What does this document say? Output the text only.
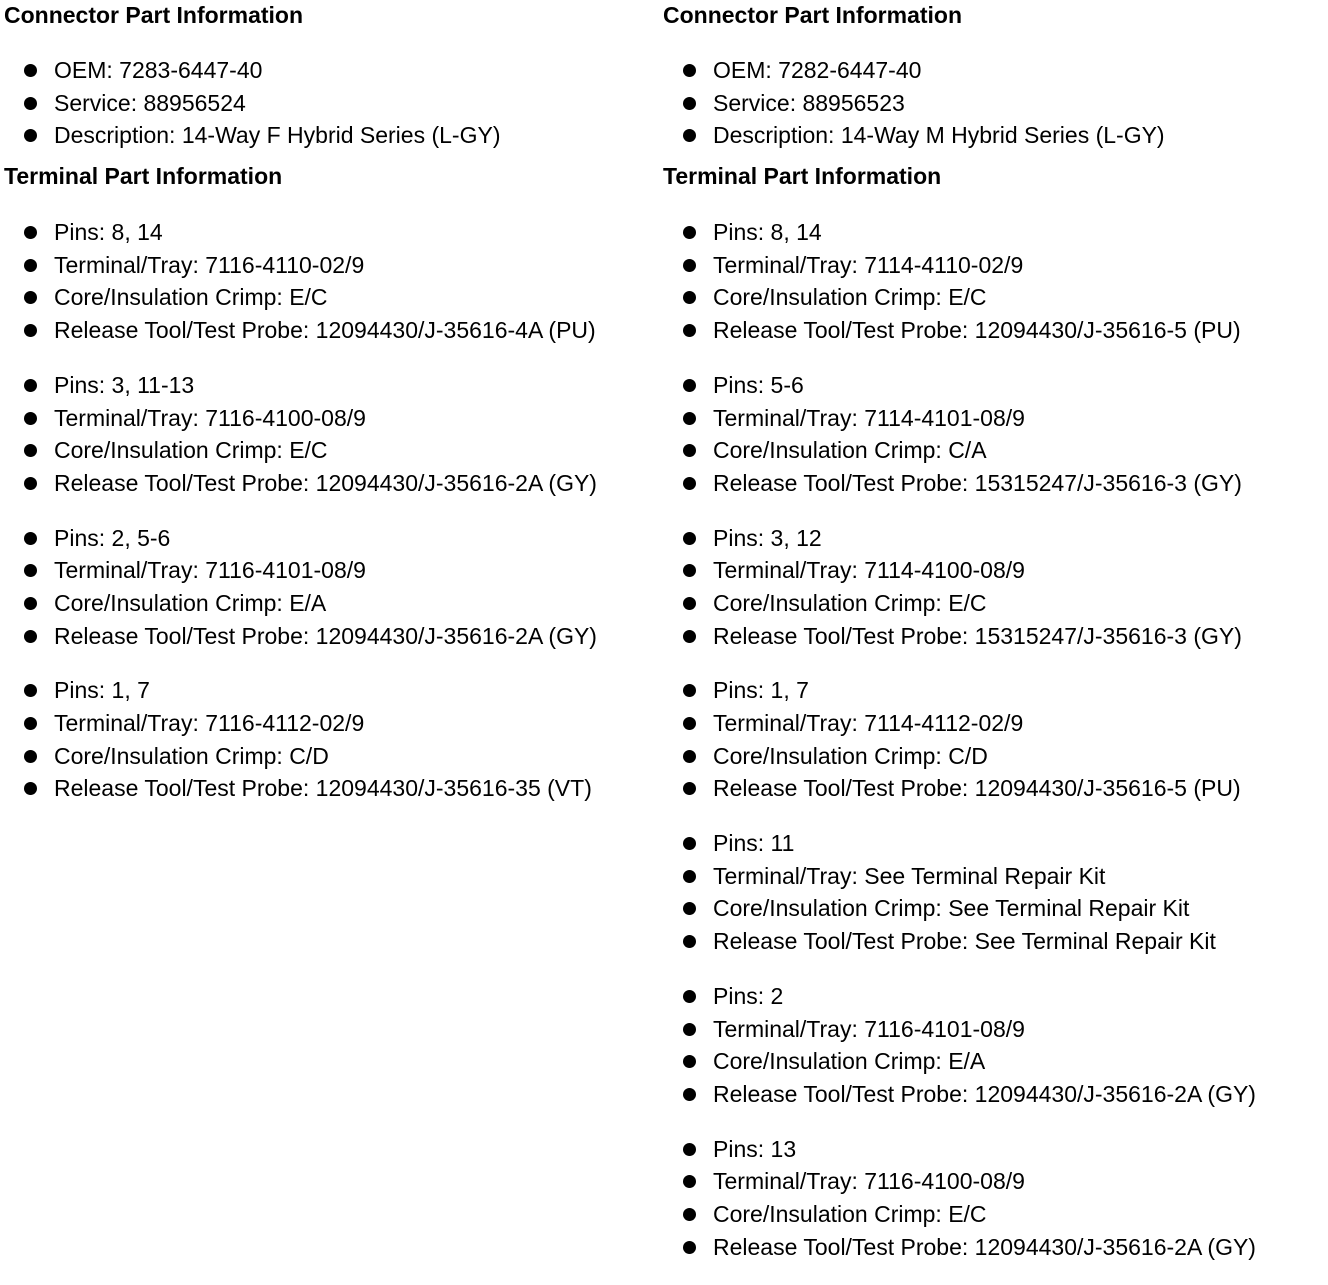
Connector Part Information
OEM: 7283-6447-40
Service: 88956524
Description: 14-Way F Hybrid Series (L-GY)
Terminal Part Information
Pins: 8, 14
Terminal/Tray: 7116-4110-02/9
Core/Insulation Crimp: E/C
Release Tool/Test Probe: 12094430/J-35616-4A (PU)
Pins: 3, 11-13
Terminal/Tray: 7116-4100-08/9
Core/Insulation Crimp: E/C
Release Tool/Test Probe: 12094430/J-35616-2A (GY)
Pins: 2, 5-6
Terminal/Tray: 7116-4101-08/9
Core/Insulation Crimp: E/A
Release Tool/Test Probe: 12094430/J-35616-2A (GY)
Pins: 1, 7
Terminal/Tray: 7116-4112-02/9
Core/Insulation Crimp: C/D
Release Tool/Test Probe: 12094430/J-35616-35 (VT)
Connector Part Information
OEM: 7282-6447-40
Service: 88956523
Description: 14-Way M Hybrid Series (L-GY)
Terminal Part Information
Pins: 8, 14
Terminal/Tray: 7114-4110-02/9
Core/Insulation Crimp: E/C
Release Tool/Test Probe: 12094430/J-35616-5 (PU)
Pins: 5-6
Terminal/Tray: 7114-4101-08/9
Core/Insulation Crimp: C/A
Release Tool/Test Probe: 15315247/J-35616-3 (GY)
Pins: 3, 12
Terminal/Tray: 7114-4100-08/9
Core/Insulation Crimp: E/C
Release Tool/Test Probe: 15315247/J-35616-3 (GY)
Pins: 1, 7
Terminal/Tray: 7114-4112-02/9
Core/Insulation Crimp: C/D
Release Tool/Test Probe: 12094430/J-35616-5 (PU)
Pins: 11
Terminal/Tray: See Terminal Repair Kit
Core/Insulation Crimp: See Terminal Repair Kit
Release Tool/Test Probe: See Terminal Repair Kit
Pins: 2
Terminal/Tray: 7116-4101-08/9
Core/Insulation Crimp: E/A
Release Tool/Test Probe: 12094430/J-35616-2A (GY)
Pins: 13
Terminal/Tray: 7116-4100-08/9
Core/Insulation Crimp: E/C
Release Tool/Test Probe: 12094430/J-35616-2A (GY)
